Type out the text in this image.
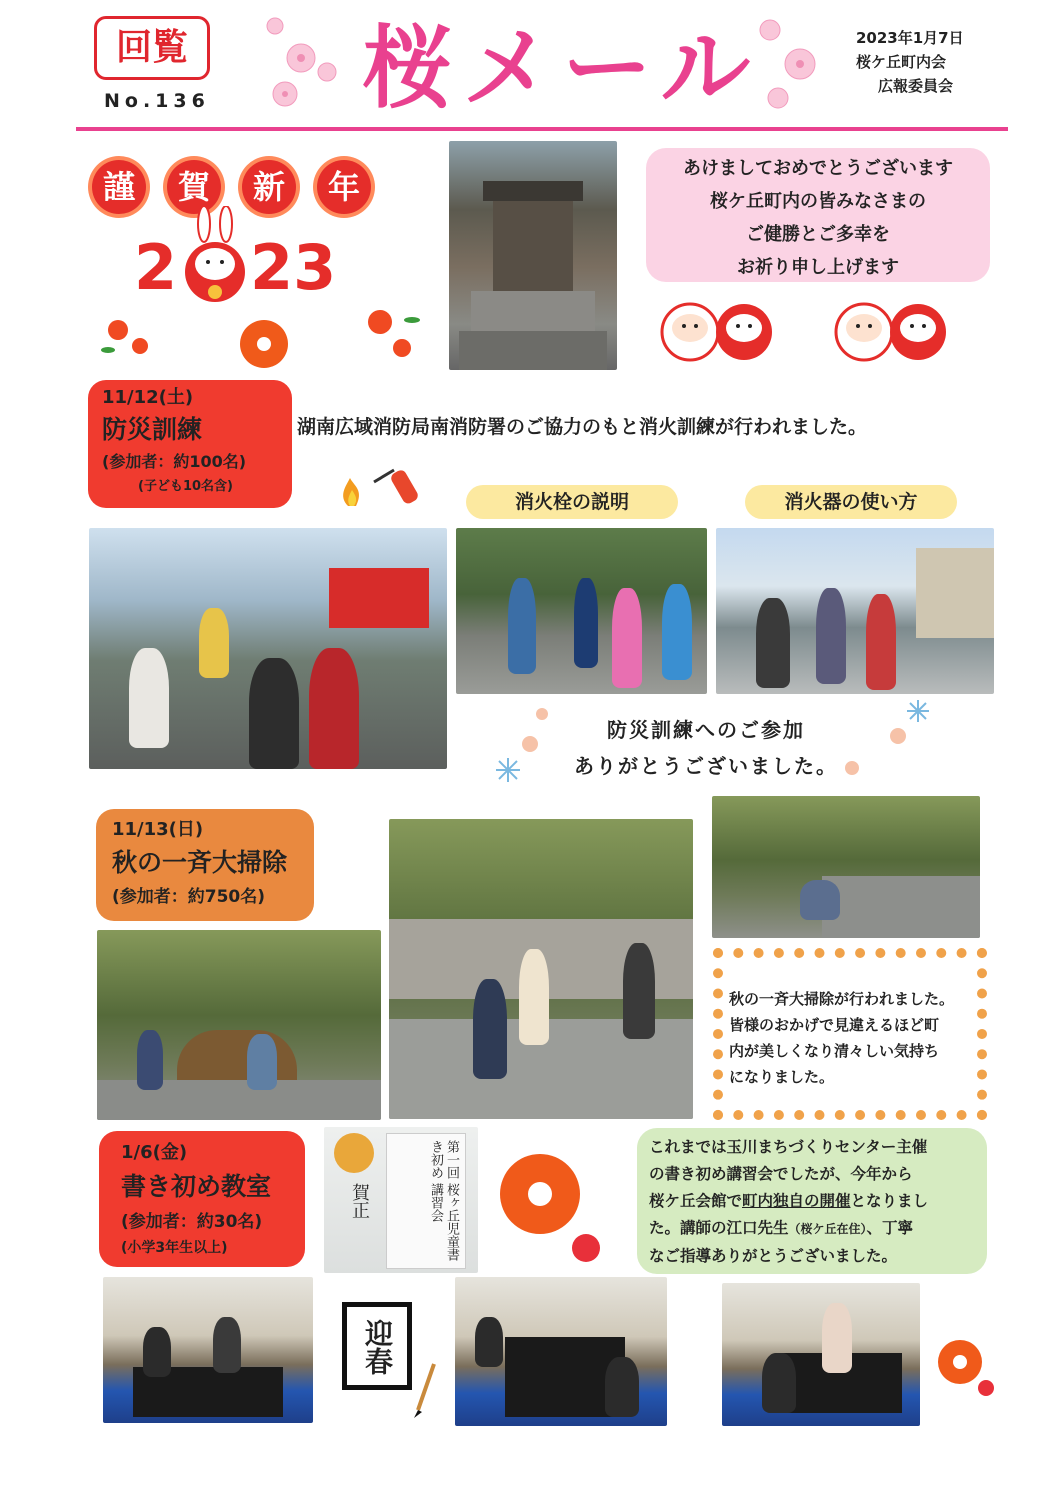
回覧
No.136 桜メール	2023年1月7日
桜ケ丘町内会
広報委員会
謹	賀	新	年
2 23
あけましておめでとうございます
桜ケ丘町内の皆みなさまの
ご健勝とご多幸を
お祈り申し上げます
11/12(土)
防災訓練
(参加者：約100名)
(子ども10名含)
湖南広域消防局南消防署のご協力のもと消火訓練が行われました。
消火栓の説明	消火器の使い方
防災訓練へのご参加
ありがとうございました。
11/13(日)
秋の一斉大掃除
(参加者：約750名)
秋の一斉大掃除が行われました。
皆様のおかげで見違えるほど町
内が美しくなり清々しい気持ち
になりました。
1/6(金)
書き初め教室
(参加者：約30名)
(小学3年生以上)
賀正
第一回 桜ヶ丘児童書き初め 講習会
これまでは玉川まちづくりセンター主催
の書き初め講習会でしたが、今年から
桜ケ丘会館で町内独自の開催となりまし
た。講師の江口先生（桜ケ丘在住）、丁寧
なご指導ありがとうございました。
迎春
